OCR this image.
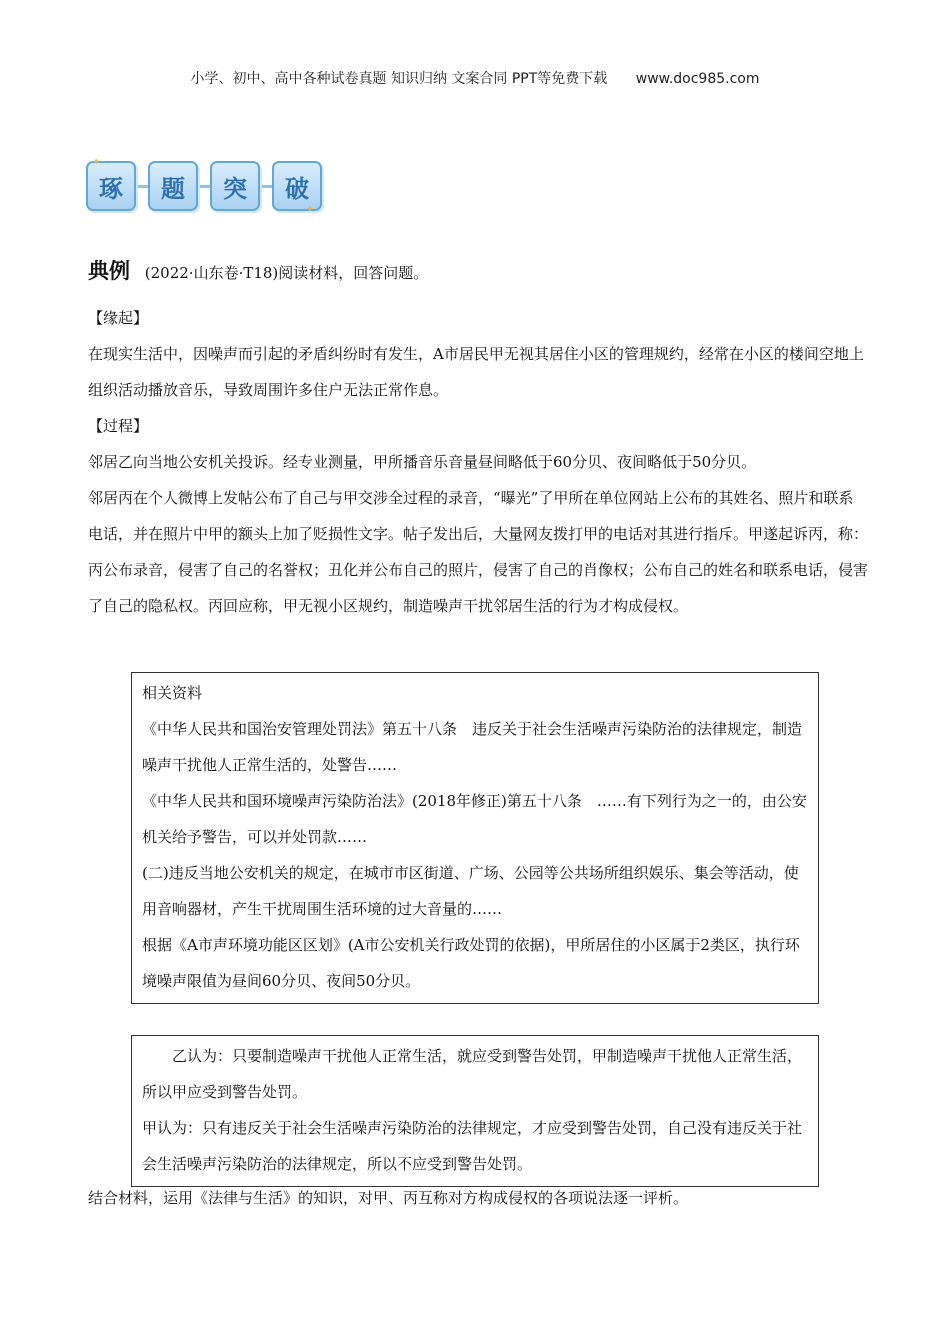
小学、初中、高中各种试卷真题 知识归纳 文案合同 PPT等免费下载 www.doc985.com
✦
琢 题 突
✦
破
典例 (2022·山东卷·T18)阅读材料，回答问题。
【缘起】
在现实生活中，因噪声而引起的矛盾纠纷时有发生，A市居民甲无视其居住小区的管理规约，经常在小区的楼间空地上组织活动播放音乐，导致周围许多住户无法正常作息。
【过程】
邻居乙向当地公安机关投诉。经专业测量，甲所播音乐音量昼间略低于60分贝、夜间略低于50分贝。
邻居丙在个人微博上发帖公布了自己与甲交涉全过程的录音，“曝光”了甲所在单位网站上公布的其姓名、照片和联系电话，并在照片中甲的额头上加了贬损性文字。帖子发出后，大量网友拨打甲的电话对其进行指斥。甲遂起诉丙，称：丙公布录音，侵害了自己的名誉权；丑化并公布自己的照片，侵害了自己的肖像权；公布自己的姓名和联系电话，侵害了自己的隐私权。丙回应称，甲无视小区规约，制造噪声干扰邻居生活的行为才构成侵权。

相关资料

《中华人民共和国治安管理处罚法》第五十八条　违反关于社会生活噪声污染防治的法律规定，制造噪声干扰他人正常生活的，处警告……

《中华人民共和国环境噪声污染防治法》(2018年修正)第五十八条　……有下列行为之一的，由公安机关给予警告，可以并处罚款……

(二)违反当地公安机关的规定，在城市市区街道、广场、公园等公共场所组织娱乐、集会等活动，使用音响器材，产生干扰周围生活环境的过大音量的……

根据《A市声环境功能区区划》(A市公安机关行政处罚的依据)，甲所居住的小区属于2类区，执行环境噪声限值为昼间60分贝、夜间50分贝。

乙认为：只要制造噪声干扰他人正常生活，就应受到警告处罚，甲制造噪声干扰他人正常生活，所以甲应受到警告处罚。

甲认为：只有违反关于社会生活噪声污染防治的法律规定，才应受到警告处罚，自己没有违反关于社会生活噪声污染防治的法律规定，所以不应受到警告处罚。

结合材料，运用《法律与生活》的知识，对甲、丙互称对方构成侵权的各项说法逐一评析。
